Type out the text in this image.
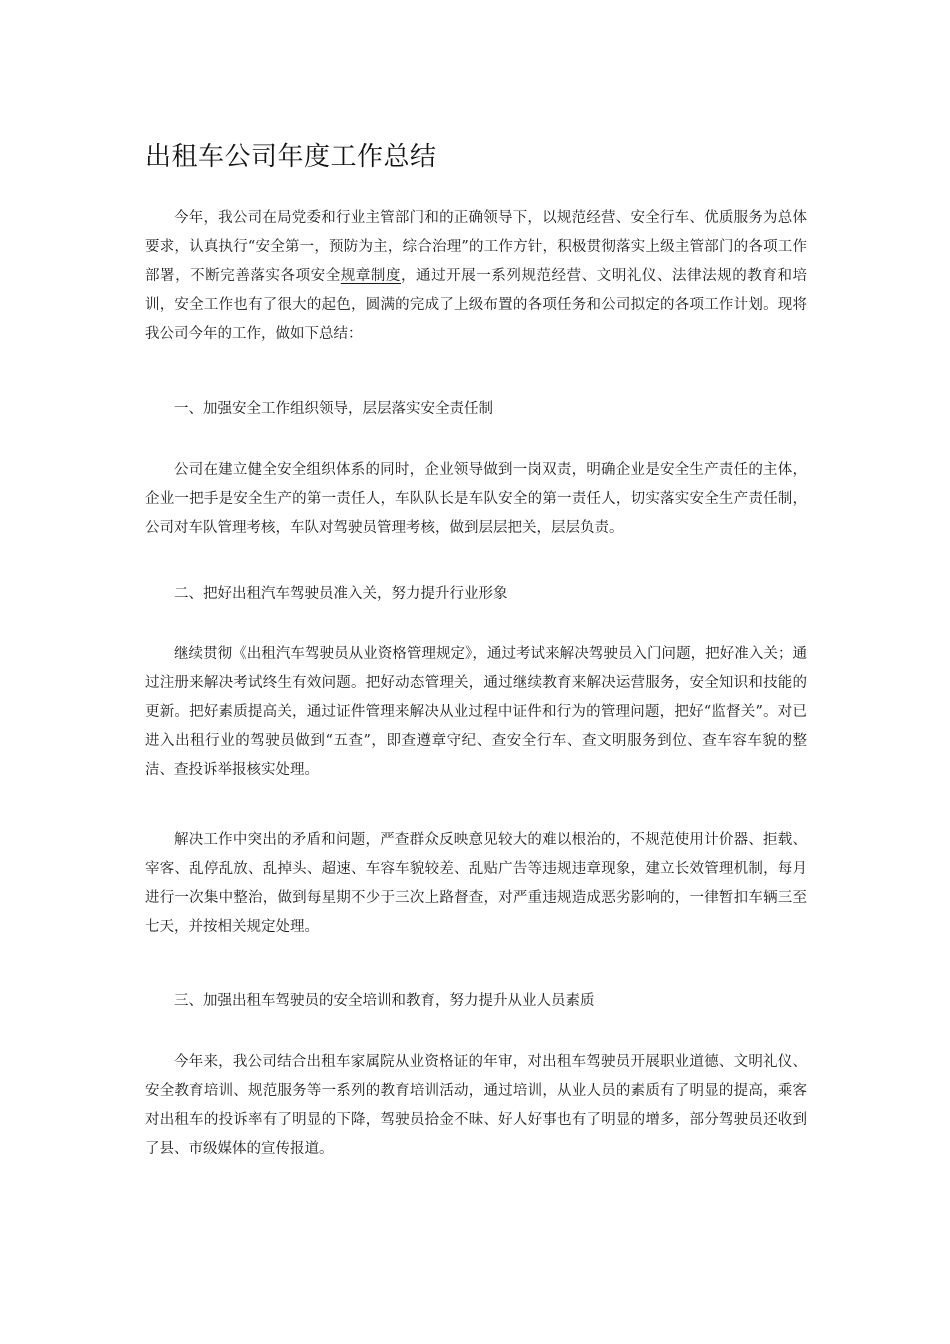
出租车公司年度工作总结

今年，我公司在局党委和行业主管部门和的正确领导下，以规范经营、安全行车、优质服务为总体要求，认真执行“安全第一，预防为主，综合治理”的工作方针，积极贯彻落实上级主管部门的各项工作部署，不断完善落实各项安全规章制度，通过开展一系列规范经营、文明礼仪、法律法规的教育和培训，安全工作也有了很大的起色，圆满的完成了上级布置的各项任务和公司拟定的各项工作计划。现将我公司今年的工作，做如下总结：

一、加强安全工作组织领导，层层落实安全责任制

公司在建立健全安全组织体系的同时，企业领导做到一岗双责，明确企业是安全生产责任的主体，企业一把手是安全生产的第一责任人，车队队长是车队安全的第一责任人，切实落实安全生产责任制，公司对车队管理考核，车队对驾驶员管理考核，做到层层把关，层层负责。

二、把好出租汽车驾驶员准入关，努力提升行业形象

继续贯彻《出租汽车驾驶员从业资格管理规定》，通过考试来解决驾驶员入门问题，把好准入关；通过注册来解决考试终生有效问题。把好动态管理关，通过继续教育来解决运营服务，安全知识和技能的更新。把好素质提高关，通过证件管理来解决从业过程中证件和行为的管理问题，把好“监督关”。对已进入出租行业的驾驶员做到“五查”，即查遵章守纪、查安全行车、查文明服务到位、查车容车貌的整洁、查投诉举报核实处理。

解决工作中突出的矛盾和问题，严查群众反映意见较大的难以根治的，不规范使用计价器、拒载、宰客、乱停乱放、乱掉头、超速、车容车貌较差、乱贴广告等违规违章现象，建立长效管理机制，每月进行一次集中整治，做到每星期不少于三次上路督查，对严重违规造成恶劣影响的，一律暂扣车辆三至七天，并按相关规定处理。

三、加强出租车驾驶员的安全培训和教育，努力提升从业人员素质

今年来，我公司结合出租车家属院从业资格证的年审，对出租车驾驶员开展职业道德、文明礼仪、安全教育培训、规范服务等一系列的教育培训活动，通过培训，从业人员的素质有了明显的提高，乘客对出租车的投诉率有了明显的下降，驾驶员拾金不昧、好人好事也有了明显的增多，部分驾驶员还收到了县、市级媒体的宣传报道。
